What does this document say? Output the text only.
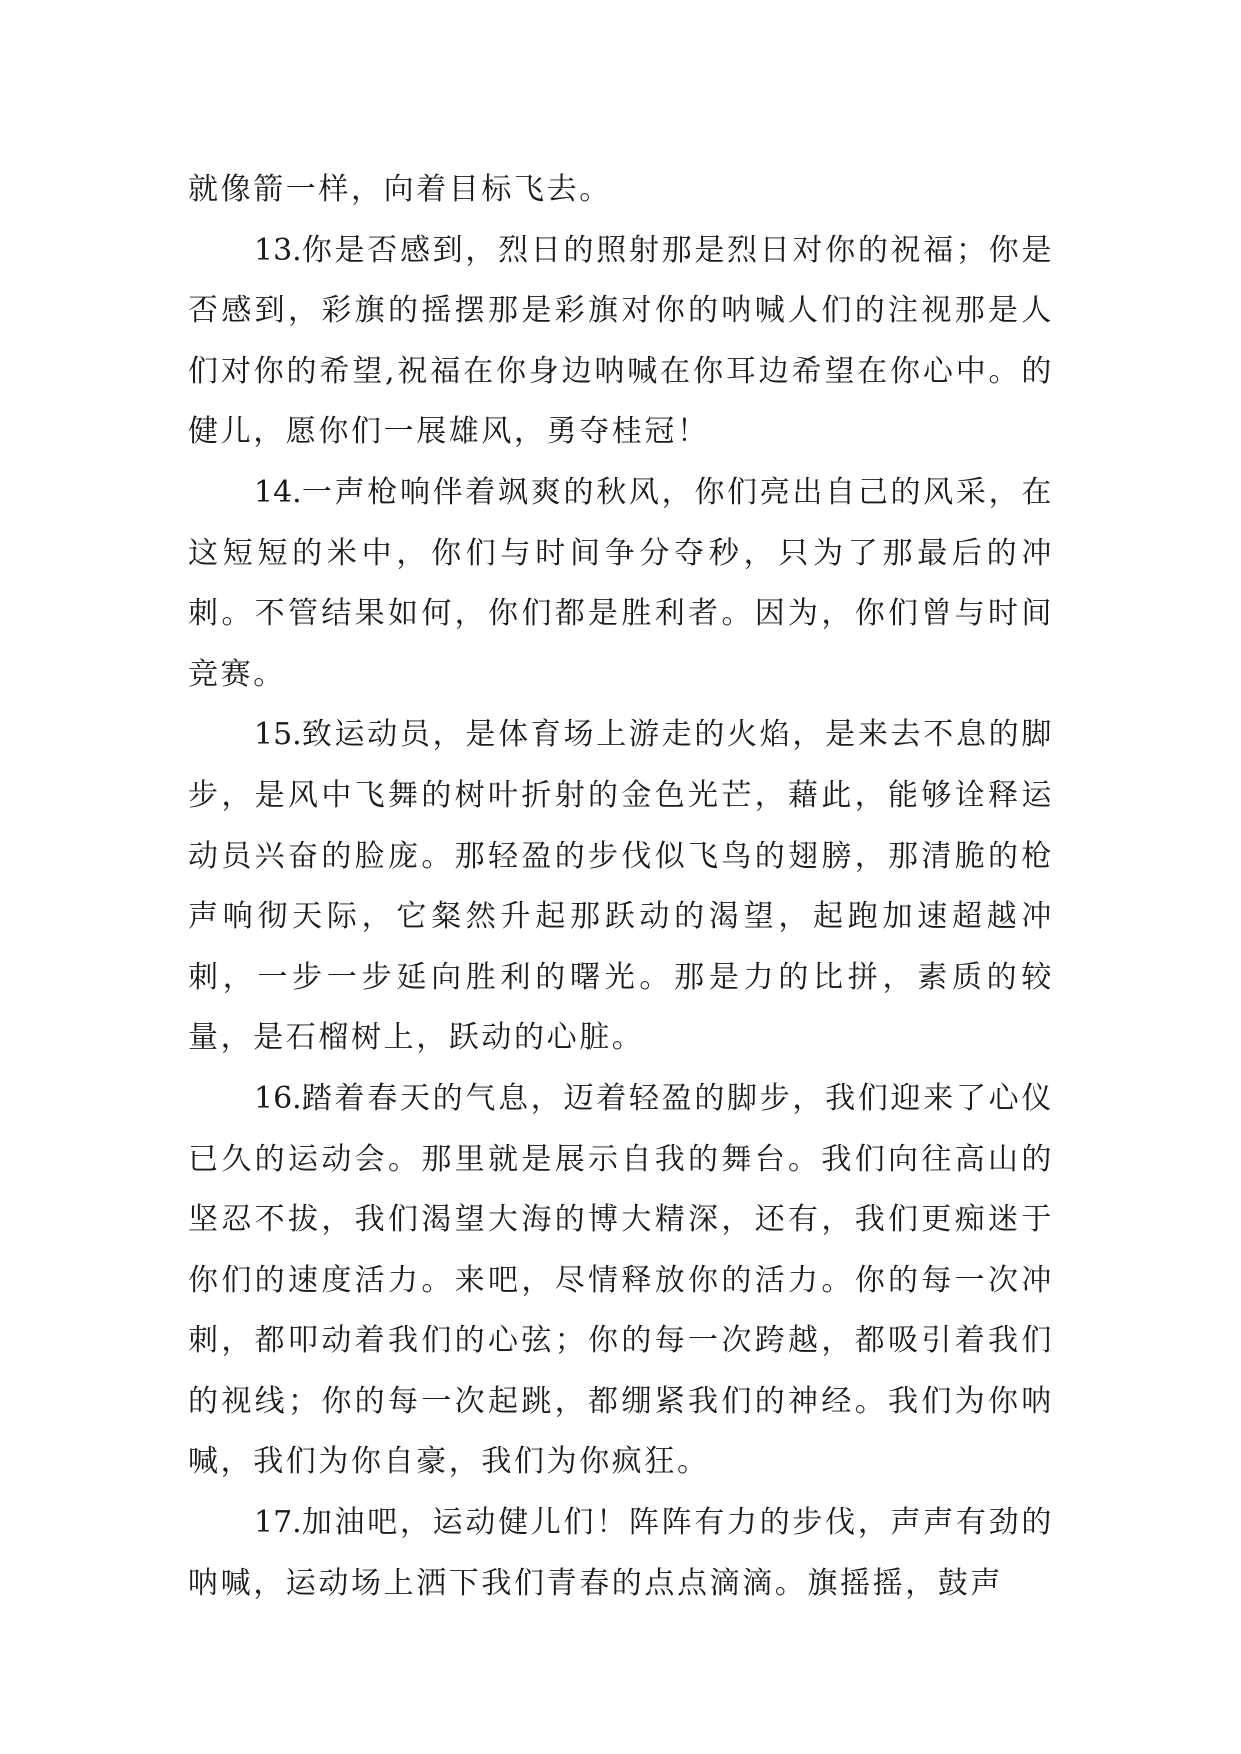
就像箭一样，向着目标飞去。

13.你是否感到，烈日的照射那是烈日对你的祝福；你是否感到，彩旗的摇摆那是彩旗对你的呐喊人们的注视那是人们对你的希望,祝福在你身边呐喊在你耳边希望在你心中。的健儿，愿你们一展雄风，勇夺桂冠！

14.一声枪响伴着飒爽的秋风，你们亮出自己的风采，在这短短的米中，你们与时间争分夺秒，只为了那最后的冲刺。不管结果如何，你们都是胜利者。因为，你们曾与时间竞赛。

15.致运动员，是体育场上游走的火焰，是来去不息的脚步，是风中飞舞的树叶折射的金色光芒，藉此，能够诠释运动员兴奋的脸庞。那轻盈的步伐似飞鸟的翅膀，那清脆的枪声响彻天际，它粲然升起那跃动的渴望，起跑加速超越冲刺，一步一步延向胜利的曙光。那是力的比拼，素质的较量，是石榴树上，跃动的心脏。

16.踏着春天的气息，迈着轻盈的脚步，我们迎来了心仪已久的运动会。那里就是展示自我的舞台。我们向往高山的坚忍不拔，我们渴望大海的博大精深，还有，我们更痴迷于你们的速度活力。来吧，尽情释放你的活力。你的每一次冲刺，都叩动着我们的心弦；你的每一次跨越，都吸引着我们的视线；你的每一次起跳，都绷紧我们的神经。我们为你呐喊，我们为你自豪，我们为你疯狂。

17.加油吧，运动健儿们！阵阵有力的步伐，声声有劲的呐喊，运动场上洒下我们青春的点点滴滴。旗摇摇，鼓声
